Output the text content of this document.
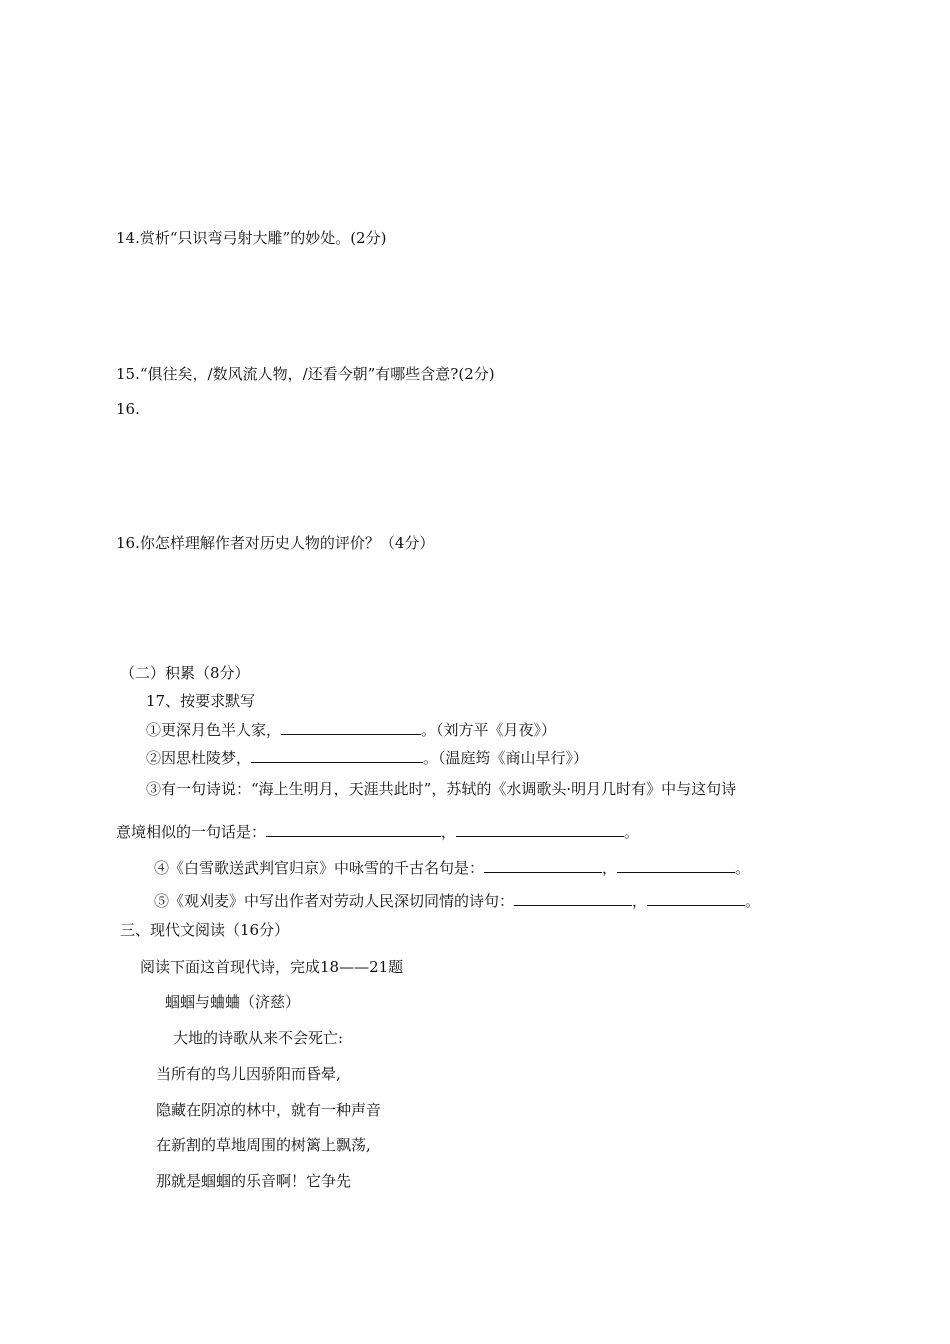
14.赏析“只识弯弓射大雕”的妙处。(2分)
15.“俱往矣，/数风流人物，/还看今朝”有哪些含意?(2分)
16.
16.你怎样理解作者对历史人物的评价？（4分）
（二）积累（8分）
17、按要求默写
①更深月色半人家，	。（刘方平《月夜》）
②因思杜陵梦，	。（温庭筠《商山早行》）
③有一句诗说：“海上生明月，天涯共此时”，苏轼的《水调歌头·明月几时有》中与这句诗
意境相似的一句话是：	，	。
④《白雪歌送武判官归京》中咏雪的千古名句是：	，	。
⑤《观刈麦》中写出作者对劳动人民深切同情的诗句：	，	。
三、现代文阅读（16分）
阅读下面这首现代诗，完成18——21题
蝈蝈与蛐蛐（济慈）
大地的诗歌从来不会死亡:
当所有的鸟儿因骄阳而昏晕,
隐藏在阴凉的林中，就有一种声音
在新割的草地周围的树篱上飘荡,
那就是蝈蝈的乐音啊！它争先
